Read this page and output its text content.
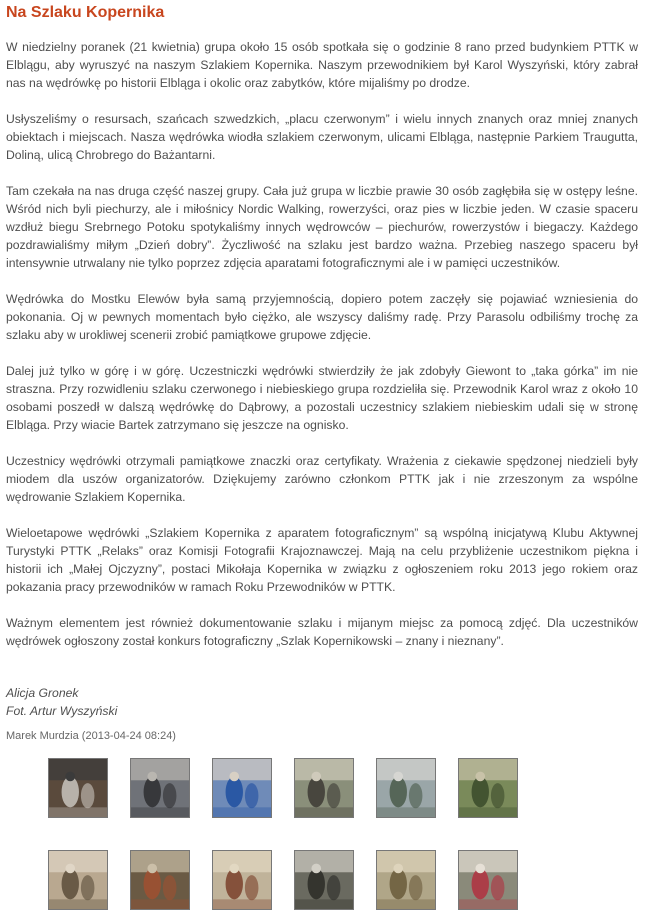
Na Szlaku Kopernika

W niedzielny poranek (21 kwietnia) grupa około 15 osób spotkała się o godzinie 8 rano przed budynkiem PTTK w Elblągu, aby wyruszyć na naszym Szlakiem Kopernika. Naszym przewodnikiem był Karol Wyszyński, który zabrał nas na wędrówkę po historii Elbląga i okolic oraz zabytków, które mijaliśmy po drodze.

Usłyszeliśmy o resursach, szańcach szwedzkich, „placu czerwonym” i wielu innych znanych oraz mniej znanych obiektach i miejscach. Nasza wędrówka wiodła szlakiem czerwonym, ulicami Elbląga, następnie Parkiem Traugutta, Doliną, ulicą Chrobrego do Bażantarni.

Tam czekała na nas druga część naszej grupy. Cała już grupa w liczbie prawie 30 osób zagłębiła się w ostępy leśne. Wśród nich byli piechurzy, ale i miłośnicy Nordic Walking, rowerzyści, oraz pies w liczbie jeden. W czasie spaceru wzdłuż biegu Srebrnego Potoku spotykaliśmy innych wędrowców – piechurów, rowerzystów i biegaczy. Każdego pozdrawialiśmy miłym „Dzień dobry”. Życzliwość na szlaku jest bardzo ważna. Przebieg naszego spaceru był intensywnie utrwalany nie tylko poprzez zdjęcia aparatami fotograficznymi ale i w pamięci uczestników.

Wędrówka do Mostku Elewów była samą przyjemnością, dopiero potem zaczęły się pojawiać wzniesienia do pokonania. Oj w pewnych momentach było ciężko, ale wszyscy daliśmy radę. Przy Parasolu odbiliśmy trochę za szlaku aby w urokliwej scenerii zrobić pamiątkowe grupowe zdjęcie.

Dalej już tylko w górę i w górę. Uczestniczki wędrówki stwierdziły że jak zdobyły Giewont to „taka górka” im nie straszna. Przy rozwidleniu szlaku czerwonego i niebieskiego grupa rozdzieliła się. Przewodnik Karol wraz z około 10 osobami poszedł w dalszą wędrówkę do Dąbrowy, a pozostali uczestnicy szlakiem niebieskim udali się w stronę Elbląga. Przy wiacie Bartek zatrzymano się jeszcze na ognisko.

Uczestnicy wędrówki otrzymali pamiątkowe znaczki oraz certyfikaty. Wrażenia z ciekawie spędzonej niedzieli były miodem dla uszów organizatorów. Dziękujemy zarówno członkom PTTK jak i nie zrzeszonym za wspólne wędrowanie Szlakiem Kopernika.

Wieloetapowe wędrówki „Szlakiem Kopernika z aparatem fotograficznym” są wspólną inicjatywą Klubu Aktywnej Turystyki PTTK „Relaks” oraz Komisji Fotografii Krajoznawczej. Mają na celu przybliżenie uczestnikom piękna i historii ich „Małej Ojczyzny”, postaci Mikołaja Kopernika w związku z ogłoszeniem roku 2013 jego rokiem oraz pokazania pracy przewodników w ramach Roku Przewodników w PTTK.

Ważnym elementem jest również dokumentowanie szlaku i mijanym miejsc za pomocą zdjęć. Dla uczestników wędrówek ogłoszony został konkurs fotograficzny „Szlak Kopernikowski – znany i nieznany”.

Alicja Gronek
Fot. Artur Wyszyński
Marek Murdzia (2013-04-24 08:24)
